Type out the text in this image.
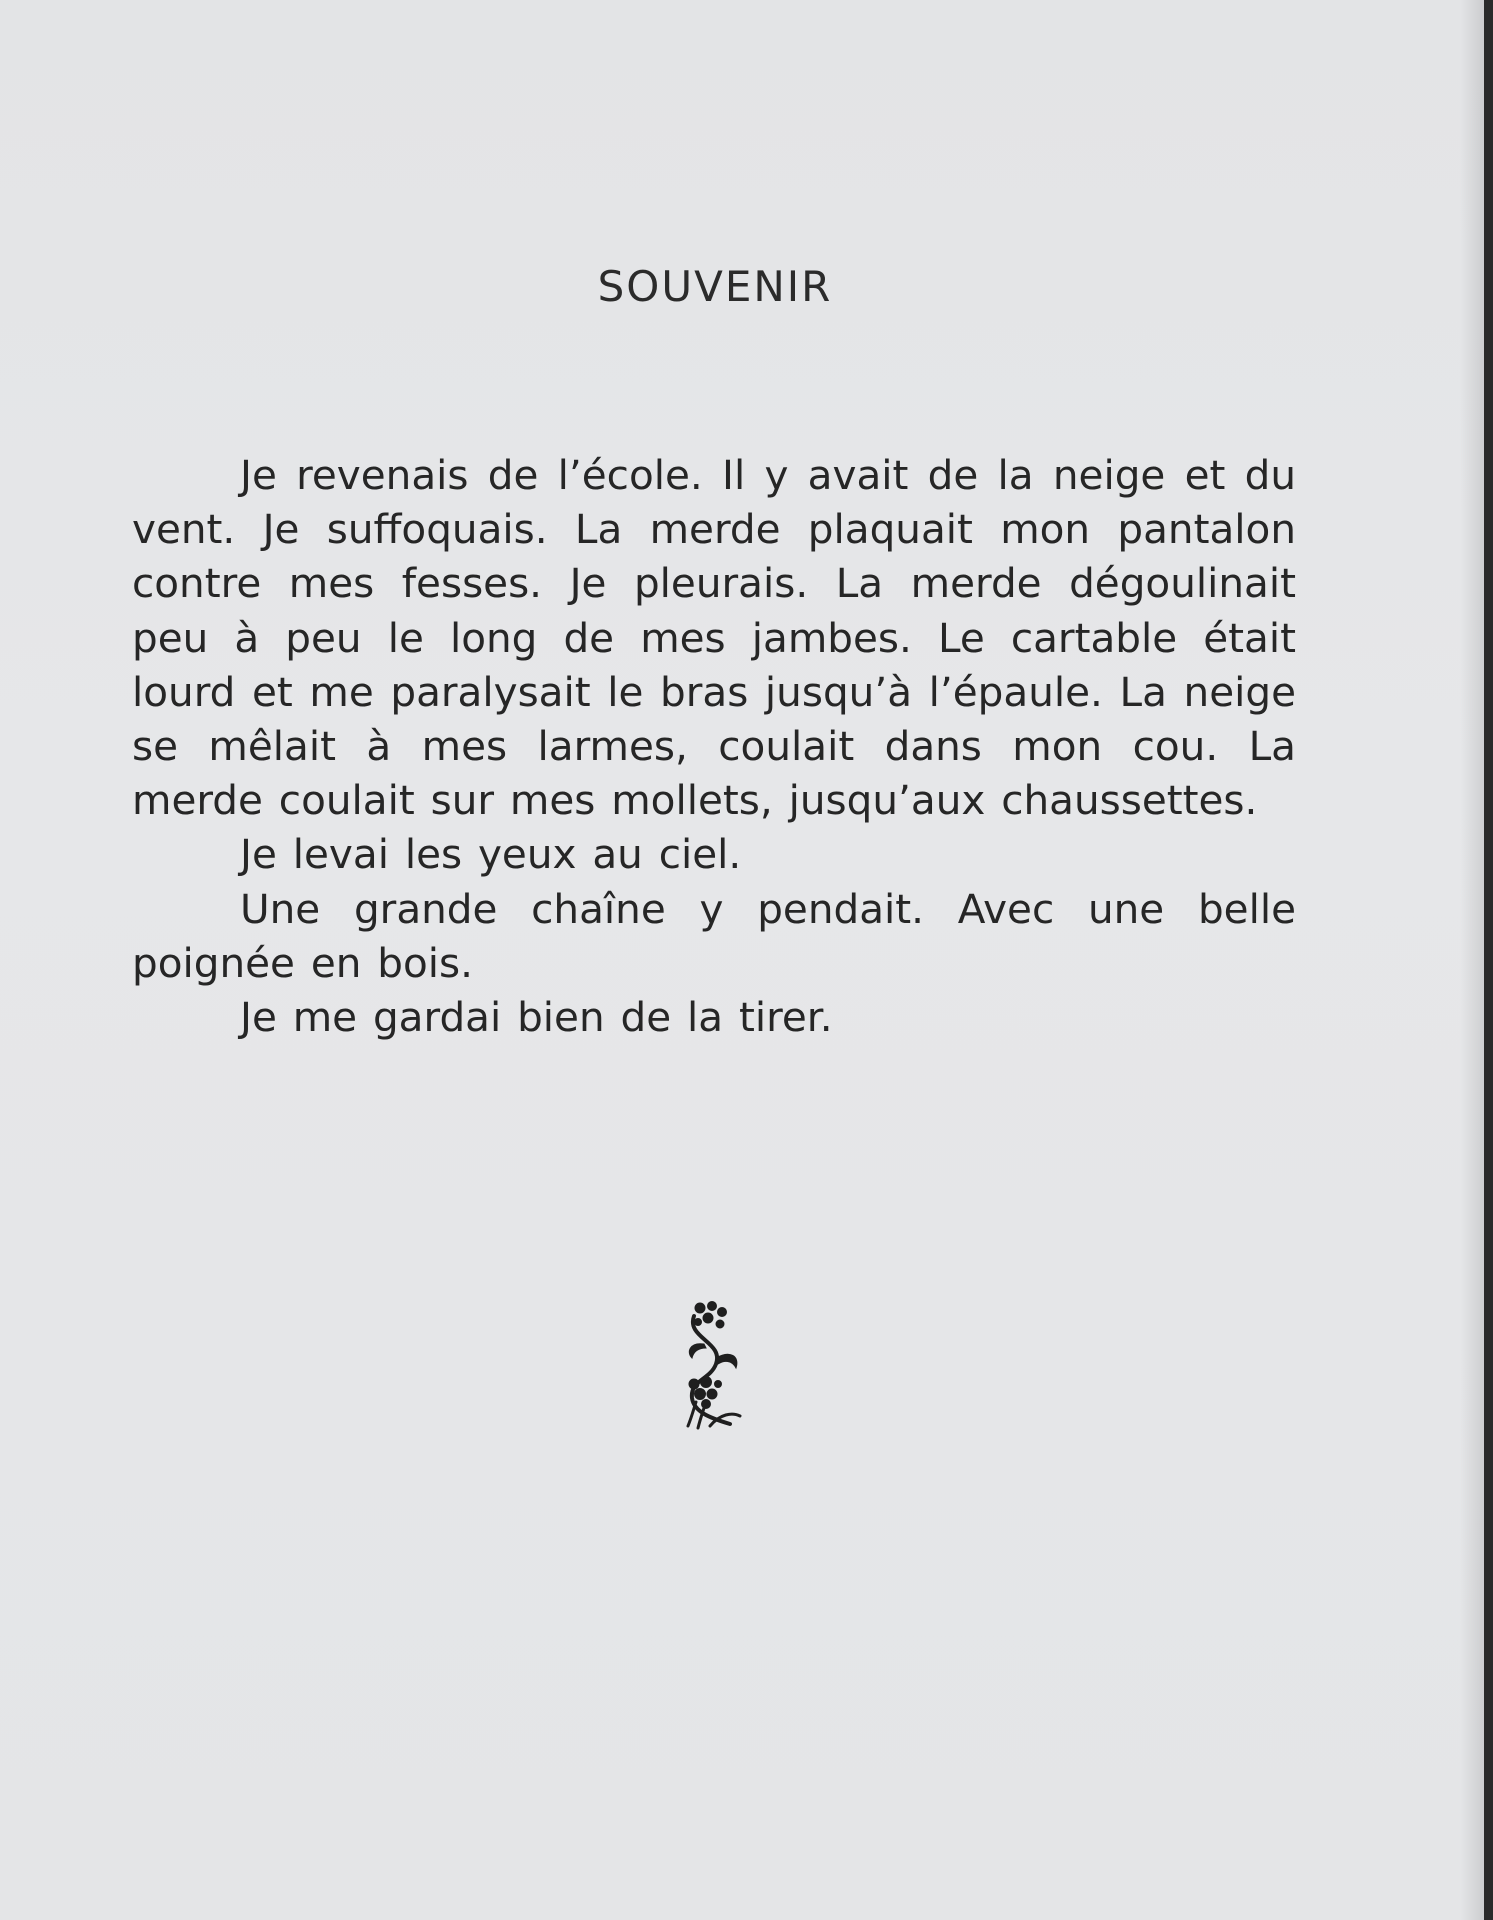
SOUVENIR

Je revenais de l’école. Il y avait de la neige et du vent. Je suffoquais. La merde plaquait mon pantalon contre mes fesses. Je pleurais. La merde dégoulinait peu à peu le long de mes jambes. Le cartable était lourd et me paralysait le bras jusqu’à l’épaule. La neige se mêlait à mes larmes, coulait dans mon cou. La merde coulait sur mes mollets, jusqu’aux chaussettes.

Je levai les yeux au ciel.

Une grande chaîne y pendait. Avec une belle poignée en bois.

Je me gardai bien de la tirer.
